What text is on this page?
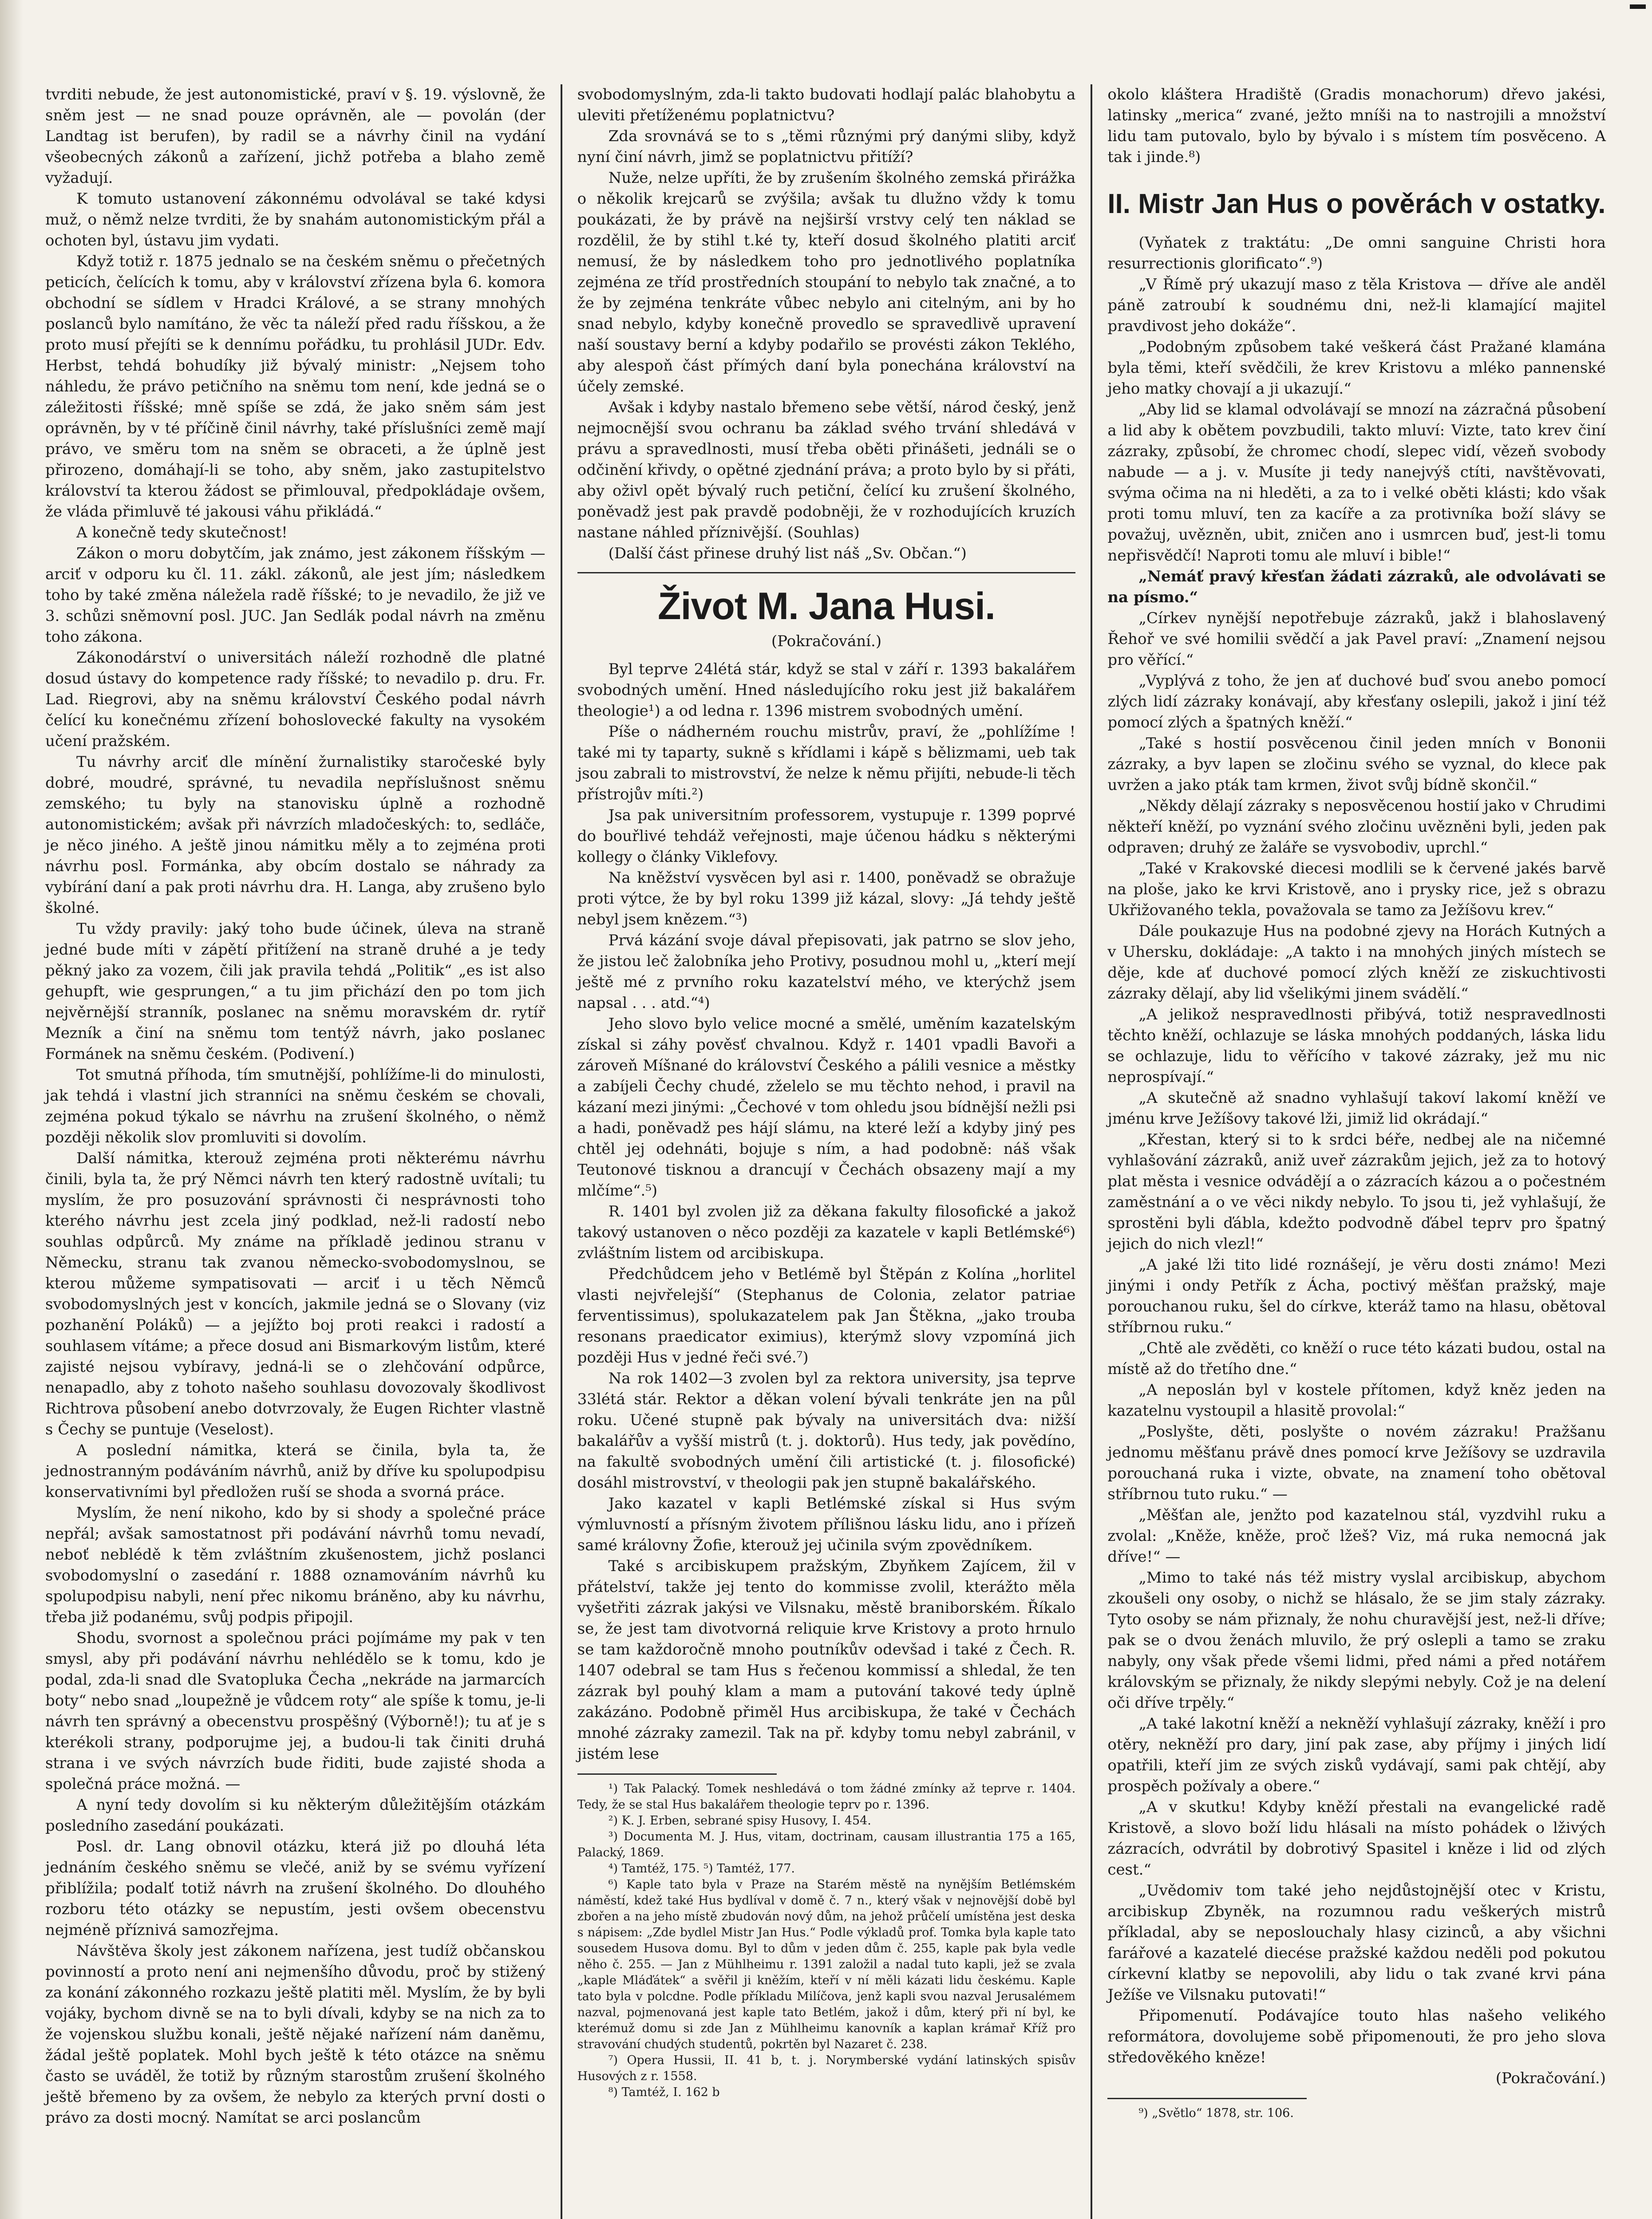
tvrditi nebude, že jest autonomistické, praví v §. 19. výslovně, že sněm jest — ne snad pouze oprávněn, ale — povolán (der Landtag ist berufen), by radil se a návrhy činil na vydání všeobecných zákonů a zařízení, jichž potřeba a blaho země vyžadují.

K tomuto ustanovení zákonnému odvolával se také kdysi muž, o němž nelze tvrditi, že by snahám autonomistickým přál a ochoten byl, ústavu jim vydati.

Když totiž r. 1875 jednalo se na českém sněmu o přečetných peticích, čelících k tomu, aby v království zřízena byla 6. komora obchodní se sídlem v Hradci Králové, a se strany mnohých poslanců bylo namítáno, že věc ta náleží před radu říšskou, a že proto musí přejíti se k dennímu pořádku, tu prohlásil JUDr. Edv. Herbst, tehdá bohudíky již bývalý ministr: „Nejsem toho náhledu, že právo petičního na sněmu tom není, kde jedná se o záležitosti říšské; mně spíše se zdá, že jako sněm sám jest oprávněn, by v té příčině činil návrhy, také příslušníci země mají právo, ve směru tom na sněm se obraceti, a že úplně jest přirozeno, domáhají-li se toho, aby sněm, jako zastupitelstvo království ta kterou žádost se přimlouval, předpokládaje ovšem, že vláda přimluvě té jakousi váhu přikládá.“

A konečně tedy skutečnost!

Zákon o moru dobytčím, jak známo, jest zákonem říšským — arciť v odporu ku čl. 11. zákl. zákonů, ale jest jím; následkem toho by také změna náležela radě říšské; to je nevadilo, že již ve 3. schůzi sněmovní posl. JUC. Jan Sedlák podal návrh na změnu toho zákona.

Zákonodárství o universitách náleží rozhodně dle platné dosud ústavy do kompetence rady říšské; to nevadilo p. dru. Fr. Lad. Riegrovi, aby na sněmu království Českého podal návrh čelící ku konečnému zřízení bohoslovecké fakulty na vysokém učení pražském.

Tu návrhy arciť dle mínění žurnalistiky staročeské byly dobré, moudré, správné, tu nevadila nepříslušnost sněmu zemského; tu byly na stanovisku úplně a rozhodně autonomistickém; avšak při návrzích mladočeských: to, sedláče, je něco jiného. A ještě jinou námitku měly a to zejména proti návrhu posl. Formánka, aby obcím dostalo se náhrady za vybírání daní a pak proti návrhu dra. H. Langa, aby zrušeno bylo školné.

Tu vždy pravily: jaký toho bude účinek, úleva na straně jedné bude míti v zápětí přitížení na straně druhé a je tedy pěkný jako za vozem, čili jak pravila tehdá „Politik“ „es ist also gehupft, wie gesprungen,“ a tu jim přichází den po tom jich nejvěrnější stranník, poslanec na sněmu moravském dr. rytíř Mezník a činí na sněmu tom tentýž návrh, jako poslanec Formánek na sněmu českém. (Podivení.)

Tot smutná příhoda, tím smutnější, pohlížíme-li do minulosti, jak tehdá i vlastní jich stranníci na sněmu českém se chovali, zejména pokud týkalo se návrhu na zrušení školného, o němž později několik slov promluviti si dovolím.

Další námitka, kterouž zejména proti některému návrhu činili, byla ta, že prý Němci návrh ten který radostně uvítali; tu myslím, že pro posuzování správnosti či nesprávnosti toho kterého návrhu jest zcela jiný podklad, než-li radostí nebo souhlas odpůrců. My známe na příkladě jedinou stranu v Německu, stranu tak zvanou německo-svobodomyslnou, se kterou můžeme sympatisovati — arciť i u těch Němců svobodomyslných jest v koncích, jakmile jedná se o Slovany (viz pozhanění Poláků) — a jejížto boj proti reakci i radostí a souhlasem vítáme; a přece dosud ani Bismarkovým listům, které zajisté nejsou vybíravy, jedná-li se o zlehčování odpůrce, nenapadlo, aby z tohoto našeho souhlasu dovozovaly škodlivost Richtrova působení anebo dotvrzovaly, že Eugen Richter vlastně s Čechy se puntuje (Veselost).

A poslední námitka, která se činila, byla ta, že jednostranným podáváním návrhů, aniž by dříve ku spolupodpisu konservativními byl předložen ruší se shoda a svorná práce.

Myslím, že není nikoho, kdo by si shody a společné práce nepřál; avšak samostatnost při podávání návrhů tomu nevadí, neboť neblédě k těm zvláštním zkušenostem, jichž poslanci svobodomyslní o zasedání r. 1888 oznamováním návrhů ku spolupodpisu nabyli, není přec nikomu bráněno, aby ku návrhu, třeba již podanému, svůj podpis připojil.

Shodu, svornost a společnou práci pojímáme my pak v ten smysl, aby při podávání návrhu nehlédělo se k tomu, kdo je podal, zda-li snad dle Svatopluka Čecha „nekráde na jarmarcích boty“ nebo snad „loupežně je vůdcem roty“ ale spíše k tomu, je-li návrh ten správný a obecenstvu prospěšný (Výborně!); tu ať je s kterékoli strany, podporujme jej, a budou-li tak činiti druhá strana i ve svých návrzích bude řiditi, bude zajisté shoda a společná práce možná. —

A nyní tedy dovolím si ku některým důležitějším otázkám posledního zasedání poukázati.

Posl. dr. Lang obnovil otázku, která již po dlouhá léta jednáním českého sněmu se vlečé, aniž by se svému vyřízení přiblížila; podalť totiž návrh na zrušení školného. Do dlouhého rozboru této otázky se nepustím, jesti ovšem obecenstvu nejméně příznivá samozřejma.

Návštěva školy jest zákonem nařízena, jest tudíž občanskou povinností a proto není ani nejmenšího důvodu, proč by stižený za konání zákonného rozkazu ještě platiti měl. Myslím, že by byli vojáky, bychom divně se na to byli dívali, kdyby se na nich za to že vojenskou službu konali, ještě nějaké nařízení nám daněmu, žádal ještě poplatek. Mohl bych ještě k této otázce na sněmu často se uváděl, že totiž by různým starostům zrušení školného ještě břemeno by za ovšem, že nebylo za kterých první dosti o právo za dosti mocný. Namítat se arci poslancům

svobodomyslným, zda-li takto budovati hodlají palác blahobytu a uleviti přetíženému poplatnictvu?

Zda srovnává se to s „těmi různými prý danými sliby, když nyní činí návrh, jimž se poplatnictvu přitíží?

Nuže, nelze upříti, že by zrušením školného zemská přirážka o několik krejcarů se zvýšila; avšak tu dlužno vždy k tomu poukázati, že by právě na nejširší vrstvy celý ten náklad se rozdělil, že by stihl t.ké ty, kteří dosud školného platiti arciť nemusí, že by následkem toho pro jednotlivého poplatníka zejména ze tříd prostředních stoupání to nebylo tak značné, a to že by zejména tenkráte vůbec nebylo ani citelným, ani by ho snad nebylo, kdyby konečně provedlo se spravedlivě upravení naší soustavy berní a kdyby podařilo se provésti zákon Teklého, aby alespoň část přímých daní byla ponechána království na účely zemské.

Avšak i kdyby nastalo břemeno sebe větší, národ český, jenž nejmocnější svou ochranu ba základ svého trvání shledává v právu a spravedlnosti, musí třeba oběti přinášeti, jednáli se o odčinění křivdy, o opětné zjednání práva; a proto bylo by si přáti, aby oživl opět bývalý ruch petiční, čelící ku zrušení školného, poněvadž jest pak pravdě podobněji, že v rozhodujících kruzích nastane náhled příznivější. (Souhlas)

(Další část přinese druhý list náš „Sv. Občan.“)

Život M. Jana Husi.
(Pokračování.)

Byl teprve 24létá stár, když se stal v září r. 1393 bakalářem svobodných umění. Hned následujícího roku jest již bakalářem theologie¹) a od ledna r. 1396 mistrem svobodných umění.

Píše o nádherném rouchu mistrův, praví, že „pohlížíme ! také mi ty taparty, sukně s křídlami i kápě s bělizmami, ueb tak jsou zabrali to mistrovství, že nelze k němu přijíti, nebude-li těch přístrojův míti.²)

Jsa pak universitním professorem, vystupuje r. 1399 poprvé do bouřlivé tehdáž veřejnosti, maje účenou hádku s některými kollegy o články Viklefovy.

Na kněžství vysvěcen byl asi r. 1400, poněvadž se obražuje proti výtce, že by byl roku 1399 již kázal, slovy: „Já tehdy ještě nebyl jsem knězem.“³)

Prvá kázání svoje dával přepisovati, jak patrno se slov jeho, že jistou leč žalobníka jeho Protivy, posudnou mohl u, „kterí mejí ještě mé z prvního roku kazatelství mého, ve kterýchž jsem napsal . . . atd.“⁴)

Jeho slovo bylo velice mocné a smělé, uměním kazatelským získal si záhy pověsť chvalnou. Když r. 1401 vpadli Bavoři a zároveň Míšnané do království Českého a pálili vesnice a městky a zabíjeli Čechy chudé, zželelo se mu těchto nehod, i pravil na kázaní mezi jinými: „Čechové v tom ohledu jsou bídnější nežli psi a hadi, poněvadž pes hájí slámu, na které leží a kdyby jiný pes chtěl jej odehnáti, bojuje s ním, a had podobně: náš však Teutonové tisknou a drancují v Čechách obsazeny mají a my mlčíme“.⁵)

R. 1401 byl zvolen již za děkana fakulty filosofické a jakož takový ustanoven o něco později za kazatele v kapli Betlémské⁶) zvláštním listem od arcibiskupa.

Předchůdcem jeho v Betlémě byl Štěpán z Kolína „horlitel vlasti nejvřelejší“ (Stephanus de Colonia, zelator patriae ferventissimus), spolukazatelem pak Jan Štěkna, „jako trouba resonans praedicator eximius), kterýmž slovy vzpomíná jich později Hus v jedné řeči své.⁷)

Na rok 1402—3 zvolen byl za rektora university, jsa teprve 33létá stár. Rektor a děkan volení bývali tenkráte jen na půl roku. Učené stupně pak bývaly na universitách dva: nižší bakalářův a vyšší mistrů (t. j. doktorů). Hus tedy, jak povědíno, na fakultě svobodných umění čili artistické (t. j. filosofické) dosáhl mistrovství, v theologii pak jen stupně bakalářského.

Jako kazatel v kapli Betlémské získal si Hus svým výmluvností a přísným životem přílišnou lásku lidu, ano i přízeň samé královny Žofie, kterouž jej učinila svým zpovědníkem.

Také s arcibiskupem pražským, Zbyňkem Zajícem, žil v přátelství, takže jej tento do kommisse zvolil, kterážto měla vyšetřiti zázrak jakýsi ve Vilsnaku, městě braniborském. Říkalo se, že jest tam divotvorná reliquie krve Kristovy a proto hrnulo se tam každoročně mnoho poutníkův odevšad i také z Čech. R. 1407 odebral se tam Hus s řečenou kommissí a shledal, že ten zázrak byl pouhý klam a mam a putování takové tedy úplně zakázáno. Podobně přiměl Hus arcibiskupa, že také v Čechách mnohé zázraky zamezil. Tak na př. kdyby tomu nebyl zabránil, v jistém lese

¹) Tak Palacký. Tomek neshledává o tom žádné zmínky až teprve r. 1404. Tedy, že se stal Hus bakalářem theologie teprv po r. 1396.

²) K. J. Erben, sebrané spisy Husovy, I. 454.

³) Documenta M. J. Hus, vitam, doctrinam, causam illustrantia 175 a 165, Palacký, 1869.

⁴) Tamtéž, 175. ⁵) Tamtéž, 177.

⁶) Kaple tato byla v Praze na Starém městě na nynějším Betlémském náměstí, kdež také Hus bydlíval v domě č. 7 n., který však v nejnovější době byl zbořen a na jeho místě zbudován nový dům, na jehož průčelí umístěna jest deska s nápisem: „Zde bydlel Mistr Jan Hus.“ Podle výkladů prof. Tomka byla kaple tato sousedem Husova domu. Byl to dům v jeden dům č. 255, kaple pak byla vedle něho č. 255. — Jan z Mühlheimu r. 1391 založil a nadal tuto kapli, jež se zvala „kaple Mláďátek“ a svěřil ji kněžím, kteří v ní měli kázati lidu českému. Kaple tato byla v polcdne. Podle příkladu Milíčova, jenž kapli svou nazval Jerusalémem nazval, pojmenovaná jest kaple tato Betlém, jakož i dům, který při ní byl, ke kterémuž domu si zde Jan z Mühlheimu kanovník a kaplan krámař Kříž pro stravování chudých studentů, pokrtěn byl Nazaret č. 238.

⁷) Opera Hussii, II. 41 b, t. j. Norymberské vydání latinských spisův Husových z r. 1558.

⁸) Tamtéž, I. 162 b

okolo kláštera Hradiště (Gradis monachorum) dřevo jakési, latinsky „merica“ zvané, ježto mníši na to nastrojili a množství lidu tam putovalo, bylo by bývalo i s místem tím posvěceno. A tak i jinde.⁸)

II. Mistr Jan Hus o pověrách v ostatky.

(Vyňatek z traktátu: „De omni sanguine Christi hora resurrectionis glorificato“.⁹)

„V Římě prý ukazují maso z těla Kristova — dříve ale anděl páně zatroubí k soudnému dni, než-li klamající majitel pravdivost jeho dokáže“.

„Podobným způsobem také veškerá část Pražané klamána byla těmi, kteří svědčili, že krev Kristovu a mléko pannenské jeho matky chovají a ji ukazují.“

„Aby lid se klamal odvolávají se mnozí na zázračná působení a lid aby k obětem povzbudili, takto mluví: Vizte, tato krev činí zázraky, způsobí, že chromec chodí, slepec vidí, vězeň svobody nabude — a j. v. Musíte ji tedy nanejvýš ctíti, navštěvovati, svýma očima na ni hleděti, a za to i velké oběti klásti; kdo však proti tomu mluví, ten za kacíře a za protivníka boží slávy se považuj, uvězněn, ubit, zničen ano i usmrcen buď, jest-li tomu nepřisvědčí! Naproti tomu ale mluví i bible!“

„Nemáť pravý křesťan žádati zázraků, ale odvolávati se na písmo.“

„Církev nynější nepotřebuje zázraků, jakž i blahoslavený Řehoř ve své homilii svědčí a jak Pavel praví: „Znamení nejsou pro věřící.“

„Vyplývá z toho, že jen ať duchové buď svou anebo pomocí zlých lidí zázraky konávají, aby křesťany oslepili, jakož i jiní též pomocí zlých a špatných kněží.“

„Také s hostií posvěcenou činil jeden mních v Bononii zázraky, a byv lapen se zločinu svého se vyznal, do klece pak uvržen a jako pták tam krmen, život svůj bídně skončil.“

„Někdy dělají zázraky s neposvěcenou hostií jako v Chrudimi někteří kněží, po vyznání svého zločinu uvězněni byli, jeden pak odpraven; druhý ze žaláře se vysvobodiv, uprchl.“

„Také v Krakovské diecesi modlili se k červené jakés barvě na ploše, jako ke krvi Kristově, ano i prysky rice, jež s obrazu Ukřižovaného tekla, považovala se tamo za Ježíšovu krev.“

Dále poukazuje Hus na podobné zjevy na Horách Kutných a v Uhersku, dokládaje: „A takto i na mnohých jiných místech se děje, kde ať duchové pomocí zlých kněží ze ziskuchtivosti zázraky dělají, aby lid všelikými jinem svádělí.“

„A jelikož nespravedlnosti přibývá, totiž nespravedlnosti těchto kněží, ochlazuje se láska mnohých poddaných, láska lidu se ochlazuje, lidu to věřícího v takové zázraky, jež mu nic neprospívají.“

„A skutečně až snadno vyhlašují takoví lakomí kněží ve jménu krve Ježíšovy takové lži, jimiž lid okrádají.“

„Křestan, který si to k srdci béře, nedbej ale na ničemné vyhlašování zázraků, aniž uveř zázrakům jejich, jež za to hotový plat města i vesnice odvádějí a o zázracích kázou a o počestném zaměstnání a o ve věci nikdy nebylo. To jsou ti, jež vyhlašují, že sprostěni byli ďábla, kdežto podvodně ďábel teprv pro špatný jejich do nich vlezl!“

„A jaké lži tito lidé roznášejí, je věru dosti známo! Mezi jinými i ondy Petřík z Ácha, poctivý měšťan pražský, maje porouchanou ruku, šel do církve, kteráž tamo na hlasu, obětoval stříbrnou ruku.“

„Chtě ale zvěděti, co kněží o ruce této kázati budou, ostal na místě až do třetího dne.“

„A neposlán byl v kostele přítomen, když kněz jeden na kazatelnu vystoupil a hlasitě provolal:“

„Poslyšte, děti, poslyšte o novém zázraku! Pražšanu jednomu měšťanu právě dnes pomocí krve Ježíšovy se uzdravila porouchaná ruka i vizte, obvate, na znamení toho obětoval stříbrnou tuto ruku.“ —

„Měšťan ale, jenžto pod kazatelnou stál, vyzdvihl ruku a zvolal: „Kněže, kněže, proč lžeš? Viz, má ruka nemocná jak dříve!“ —

„Mimo to také nás též mistry vyslal arcibiskup, abychom zkoušeli ony osoby, o nichž se hlásalo, že se jim staly zázraky. Tyto osoby se nám přiznaly, že nohu churavější jest, než-li dříve; pak se o dvou ženách mluvilo, že prý oslepli a tamo se zraku nabyly, ony však přede všemi lidmi, před námi a před notářem královským se přiznaly, že nikdy slepými nebyly. Což je na delení oči dříve trpěly.“

„A také lakotní kněží a nekněží vyhlašují zázraky, kněží i pro otěry, nekněží pro dary, jiní pak zase, aby příjmy i jiných lidí opatřili, kteří jim ze svých zisků vydávají, sami pak chtějí, aby prospěch požívaly a obere.“

„A v skutku! Kdyby kněží přestali na evangelické radě Kristově, a slovo boží lidu hlásali na místo pohádek o lživých zázracích, odvrátil by dobrotivý Spasitel i kněze i lid od zlých cest.“

„Uvědomiv tom také jeho nejdůstojnější otec v Kristu, arcibiskup Zbyněk, na rozumnou radu veškerých mistrů příkladal, aby se neposlouchaly hlasy cizinců, a aby všichni farářové a kazatelé diecése pražské každou neděli pod pokutou církevní klatby se nepovolili, aby lidu o tak zvané krvi pána Ježíše ve Vilsnaku putovati!“

Připomenutí. Podávajíce touto hlas našeho velikého reformátora, dovolujeme sobě připomenouti, že pro jeho slova středověkého kněze!

(Pokračování.)

⁹) „Světlo“ 1878, str. 106.
